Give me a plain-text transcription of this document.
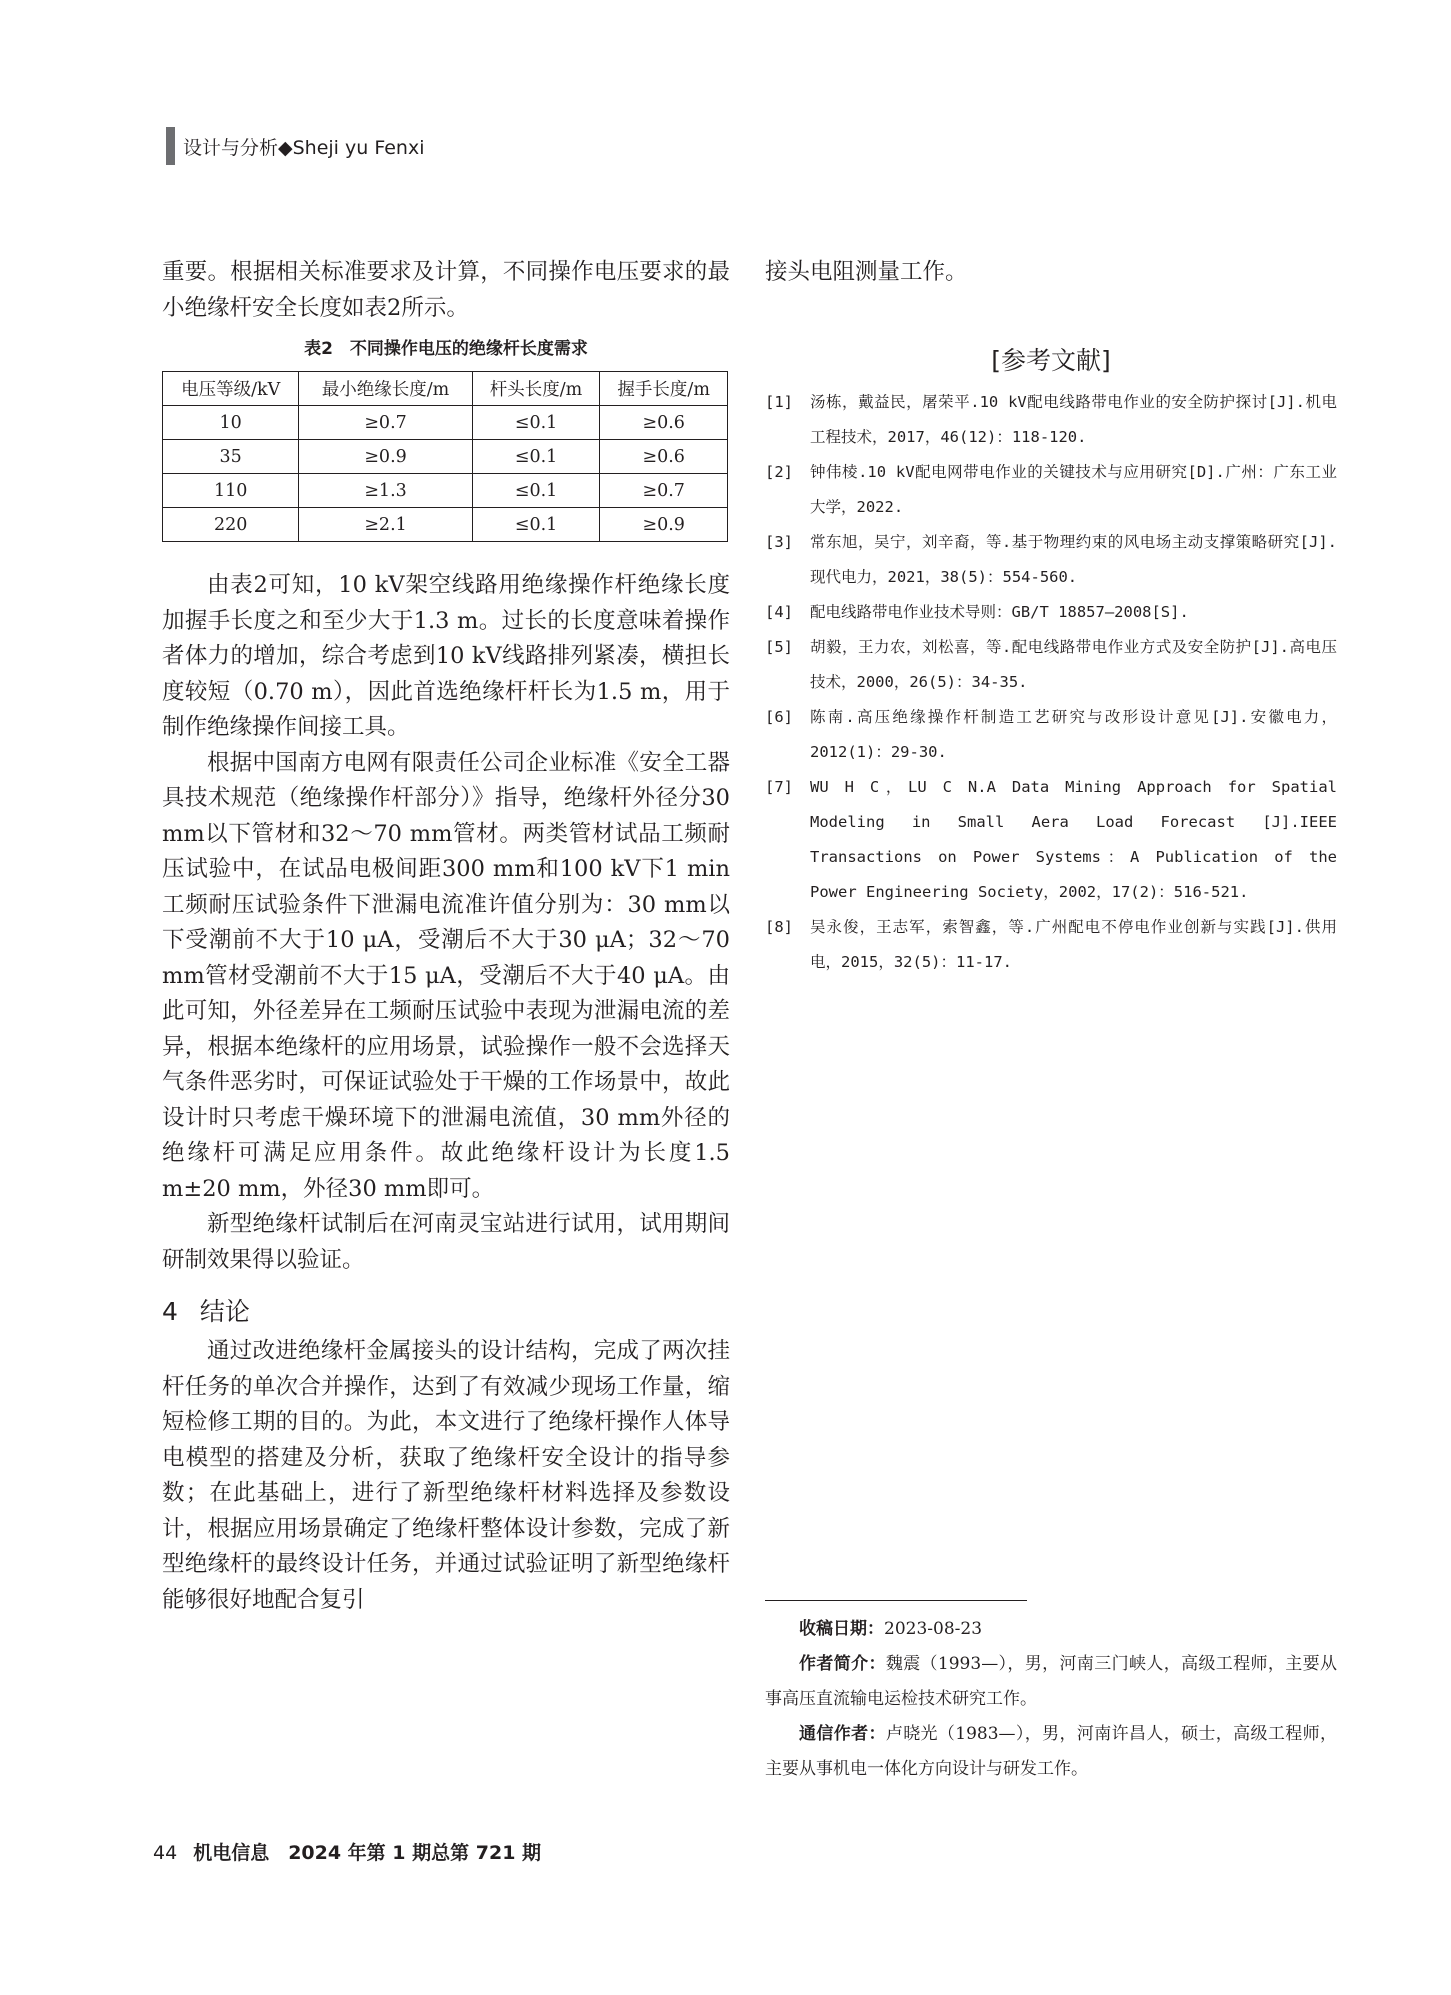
设计与分析◆Sheji yu Fenxi

重要。根据相关标准要求及计算，不同操作电压要求的最小绝缘杆安全长度如表2所示。

表2　不同操作电压的绝缘杆长度需求
电压等级/kV	最小绝缘长度/m	杆头长度/m	握手长度/m
10	≥0.7	≤0.1	≥0.6
35	≥0.9	≤0.1	≥0.6
110	≥1.3	≤0.1	≥0.7
220	≥2.1	≤0.1	≥0.9

由表2可知，10 kV架空线路用绝缘操作杆绝缘长度加握手长度之和至少大于1.3 m。过长的长度意味着操作者体力的增加，综合考虑到10 kV线路排列紧凑，横担长度较短（0.70 m），因此首选绝缘杆杆长为1.5 m，用于制作绝缘操作间接工具。

根据中国南方电网有限责任公司企业标准《安全工器具技术规范（绝缘操作杆部分）》指导，绝缘杆外径分30 mm以下管材和32～70 mm管材。两类管材试品工频耐压试验中，在试品电极间距300 mm和100 kV下1 min工频耐压试验条件下泄漏电流准许值分别为：30 mm以下受潮前不大于10 μA，受潮后不大于30 μA；32～70 mm管材受潮前不大于15 μA，受潮后不大于40 μA。由此可知，外径差异在工频耐压试验中表现为泄漏电流的差异，根据本绝缘杆的应用场景，试验操作一般不会选择天气条件恶劣时，可保证试验处于干燥的工作场景中，故此设计时只考虑干燥环境下的泄漏电流值，30 mm外径的绝缘杆可满足应用条件。故此绝缘杆设计为长度1.5 m±20 mm，外径30 mm即可。

新型绝缘杆试制后在河南灵宝站进行试用，试用期间研制效果得以验证。

4 结论

通过改进绝缘杆金属接头的设计结构，完成了两次挂杆任务的单次合并操作，达到了有效减少现场工作量，缩短检修工期的目的。为此，本文进行了绝缘杆操作人体导电模型的搭建及分析，获取了绝缘杆安全设计的指导参数；在此基础上，进行了新型绝缘杆材料选择及参数设计，根据应用场景确定了绝缘杆整体设计参数，完成了新型绝缘杆的最终设计任务，并通过试验证明了新型绝缘杆能够很好地配合复引

接头电阻测量工作。

[参考文献]
[1]	汤栋，戴益民，屠荣平.10 kV配电线路带电作业的安全防护探讨[J].机电工程技术，2017，46(12)：118-120.
[2]	钟伟棱.10 kV配电网带电作业的关键技术与应用研究[D].广州：广东工业大学，2022.
[3]	常东旭，吴宁，刘辛裔，等.基于物理约束的风电场主动支撑策略研究[J].现代电力，2021，38(5)：554-560.
[4]	配电线路带电作业技术导则：GB/T 18857—2008[S].
[5]	胡毅，王力农，刘松喜，等.配电线路带电作业方式及安全防护[J].高电压技术，2000，26(5)：34-35.
[6]	陈南.高压绝缘操作杆制造工艺研究与改形设计意见[J].安徽电力，2012(1)：29-30.
[7]	WU H C，LU C N.A Data Mining Approach for Spatial Modeling in Small Aera Load Forecast [J].IEEE Transactions on Power Systems：A Publication of the Power Engineering Society，2002，17(2)：516-521.
[8]	吴永俊，王志军，索智鑫，等.广州配电不停电作业创新与实践[J].供用电，2015，32(5)：11-17.

收稿日期：2023-08-23

作者简介：魏震（1993—），男，河南三门峡人，高级工程师，主要从事高压直流输电运检技术研究工作。

通信作者：卢晓光（1983—），男，河南许昌人，硕士，高级工程师，主要从事机电一体化方向设计与研发工作。

44 机电信息　2024 年第 1 期总第 721 期
